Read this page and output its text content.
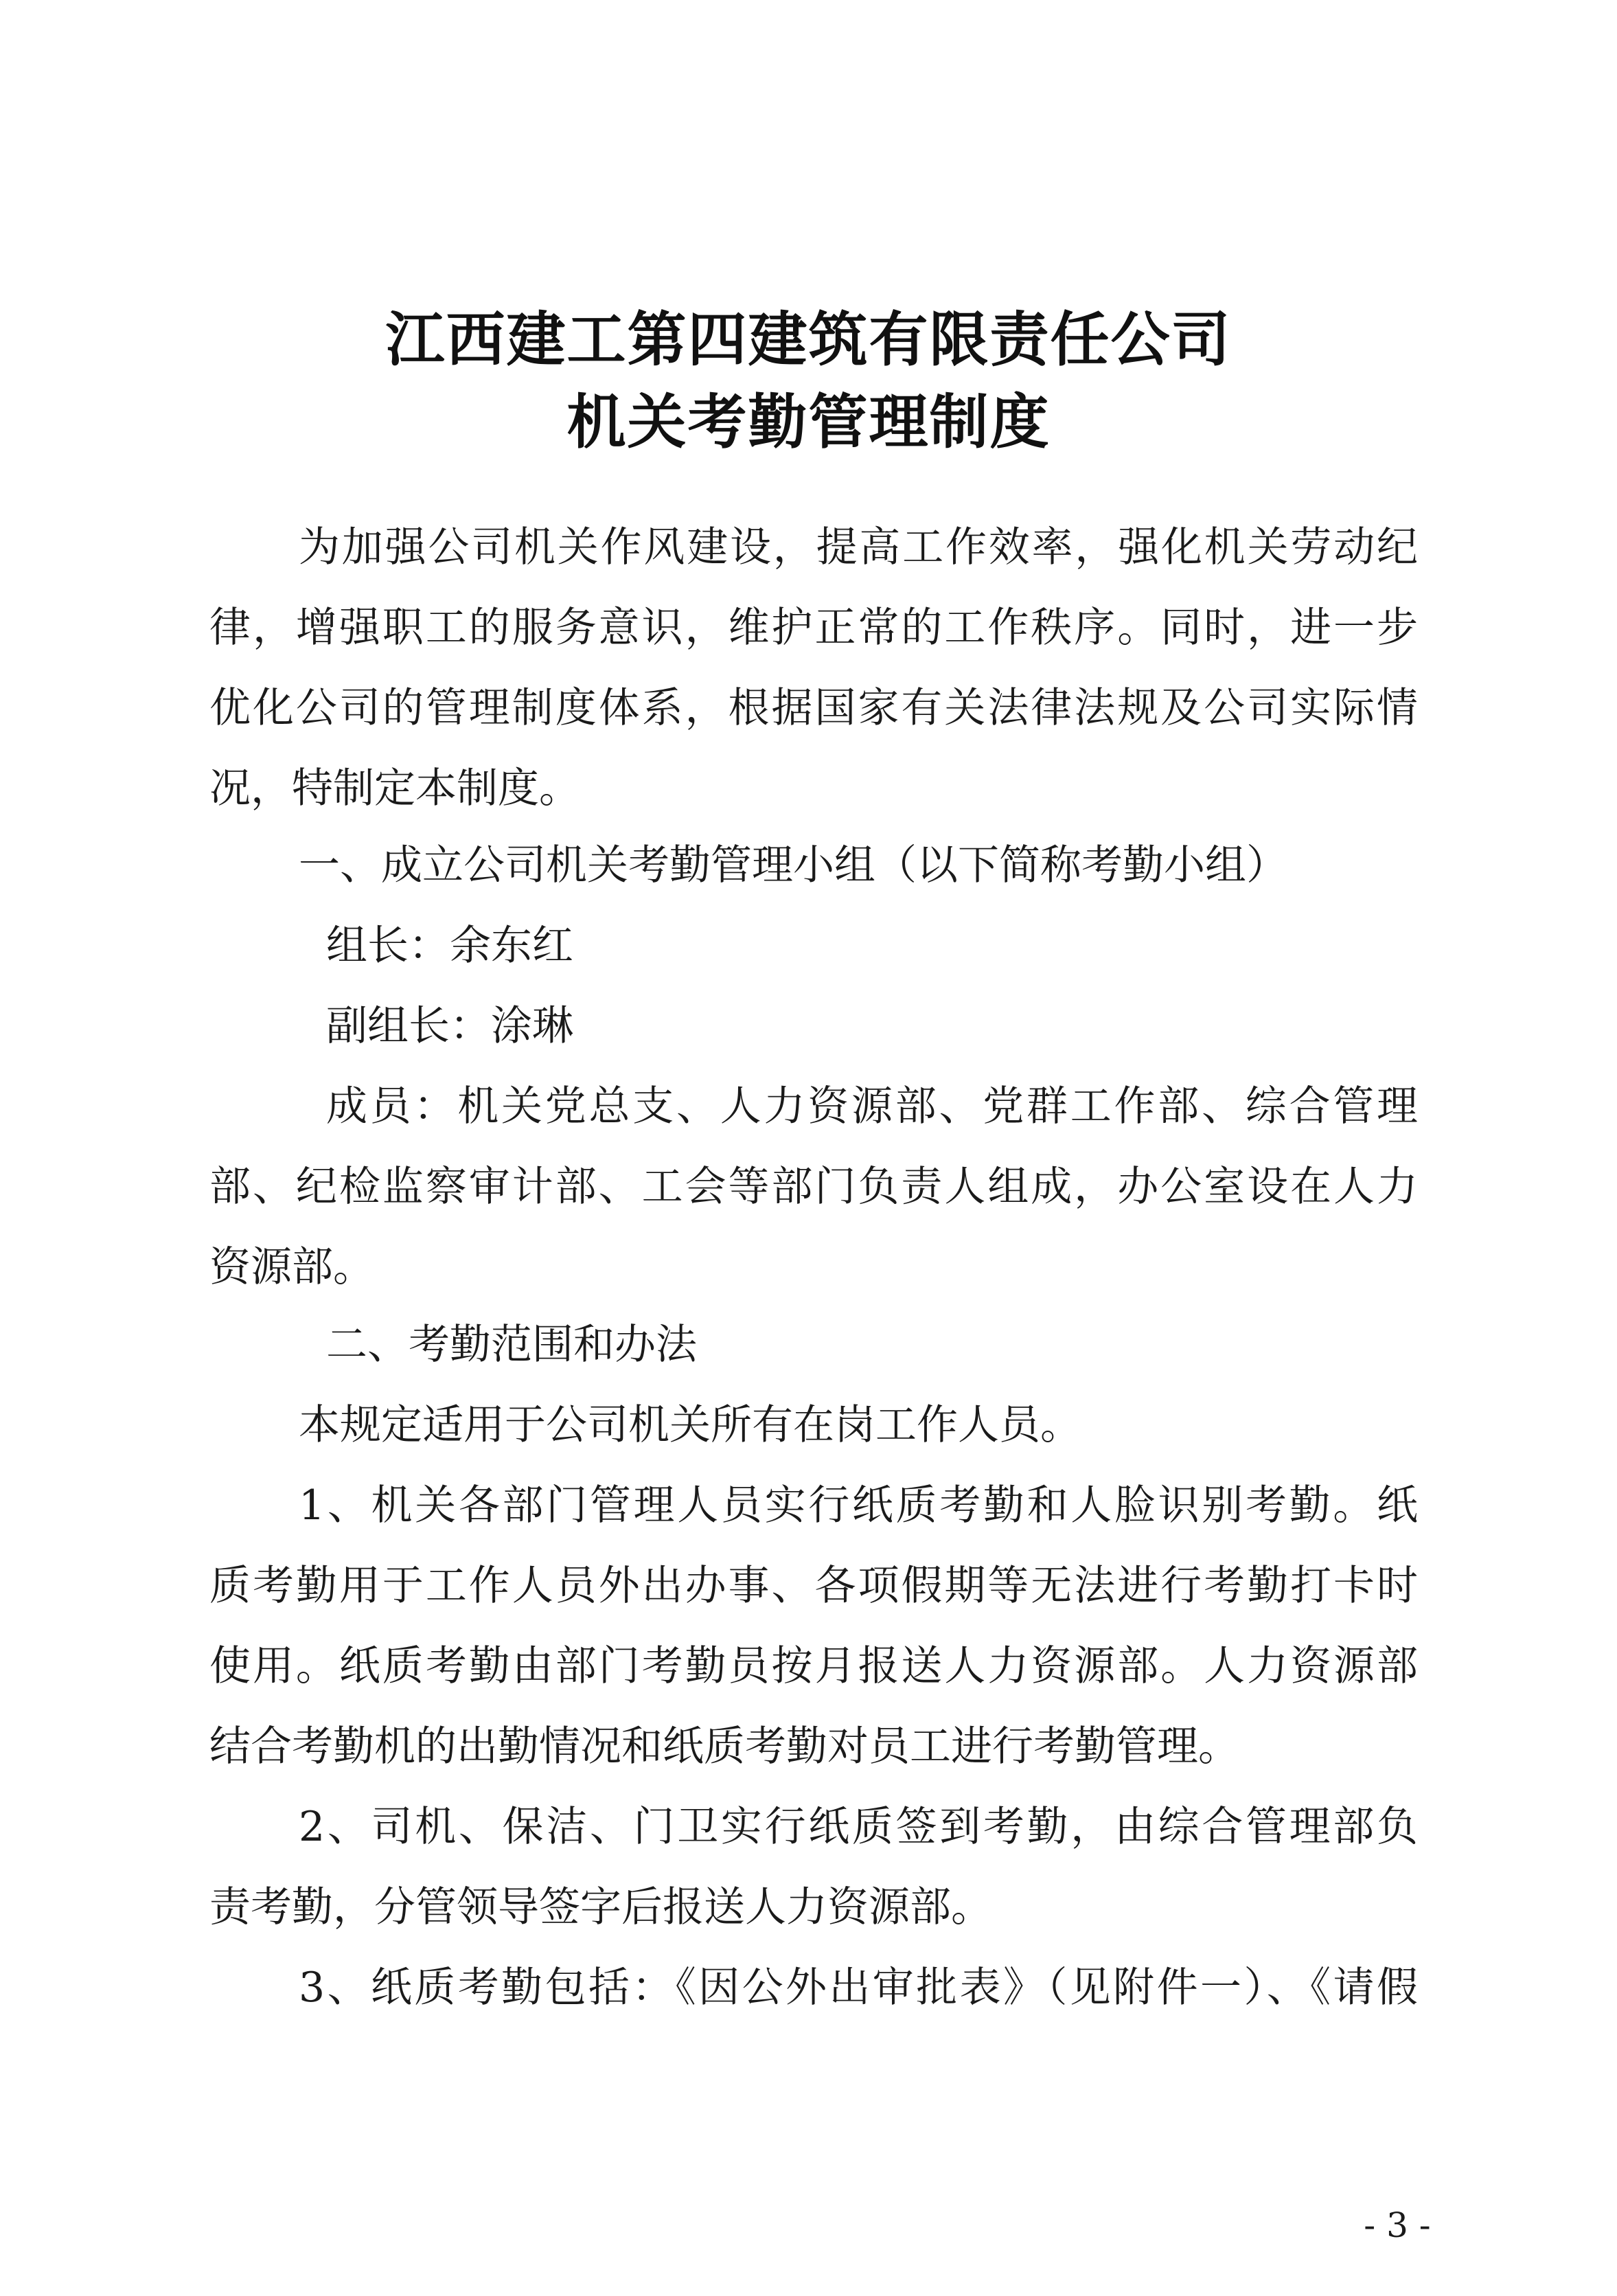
江西建工第四建筑有限责任公司
机关考勤管理制度
为加强公司机关作风建设，提高工作效率，强化机关劳动纪
律，增强职工的服务意识，维护正常的工作秩序。同时，进一步
优化公司的管理制度体系，根据国家有关法律法规及公司实际情
况，特制定本制度。
一、成立公司机关考勤管理小组（以下简称考勤小组）
组长：余东红
副组长：涂琳
成员：机关党总支、人力资源部、党群工作部、综合管理
部、纪检监察审计部、工会等部门负责人组成，办公室设在人力
资源部。
二、考勤范围和办法
本规定适用于公司机关所有在岗工作人员。
1、机关各部门管理人员实行纸质考勤和人脸识别考勤。纸
质考勤用于工作人员外出办事、各项假期等无法进行考勤打卡时
使用。纸质考勤由部门考勤员按月报送人力资源部。人力资源部
结合考勤机的出勤情况和纸质考勤对员工进行考勤管理。
2、司机、保洁、门卫实行纸质签到考勤，由综合管理部负
责考勤，分管领导签字后报送人力资源部。
3、纸质考勤包括：《因公外出审批表》（见附件一）、《请假
- 3 -
